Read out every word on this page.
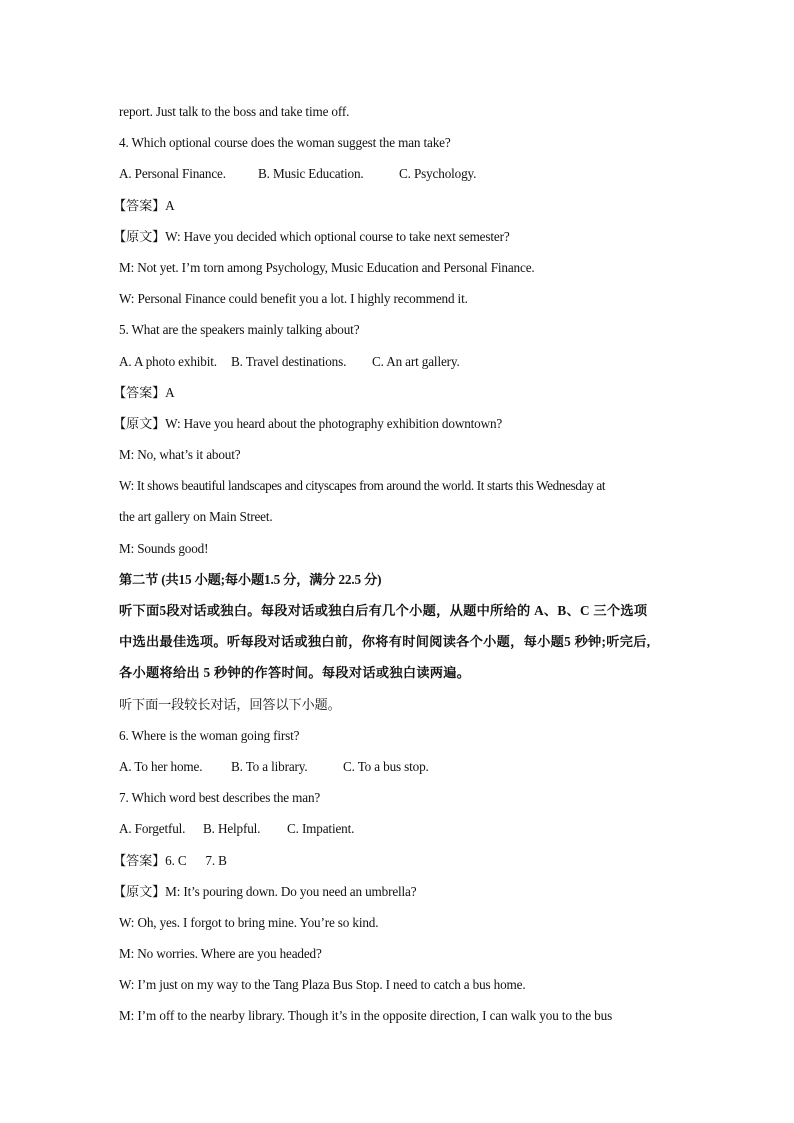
report. Just talk to the boss and take time off.
4. Which optional course does the woman suggest the man take?
A. Personal Finance. B. Music Education.	C. Psychology.
【答案】A
【原文】W: Have you decided which optional course to take next semester?
M: Not yet. I’m torn among Psychology, Music Education and Personal Finance.
W: Personal Finance could benefit you a lot. I highly recommend it.
5. What are the speakers mainly talking about?
A. A photo exhibit. B. Travel destinations. C. An art gallery.
【答案】A
【原文】W: Have you heard about the photography exhibition downtown?
M: No, what’s it about?
W: It shows beautiful landscapes and cityscapes from around the world. It starts this Wednesday at
the art gallery on Main Street.
M: Sounds good!
第二节 (共15 小题;每小题1.5 分，满分 22.5 分)
听下面5段对话或独白。每段对话或独白后有几个小题，从题中所给的 A、B、C 三个选项
中选出最佳选项。听每段对话或独白前，你将有时间阅读各个小题，每小题5 秒钟;听完后,
各小题将给出 5 秒钟的作答时间。每段对话或独白读两遍。
听下面一段较长对话，回答以下小题。
6. Where is the woman going first?
A. To her home. B. To a library.	C. To a bus stop.
7. Which word best describes the man?
A. Forgetful. B. Helpful. C. Impatient.
【答案】6. C      7. B
【原文】M: It’s pouring down. Do you need an umbrella?
W: Oh, yes. I forgot to bring mine. You’re so kind.
M: No worries. Where are you headed?
W: I’m just on my way to the Tang Plaza Bus Stop. I need to catch a bus home.
M: I’m off to the nearby library. Though it’s in the opposite direction, I can walk you to the bus
